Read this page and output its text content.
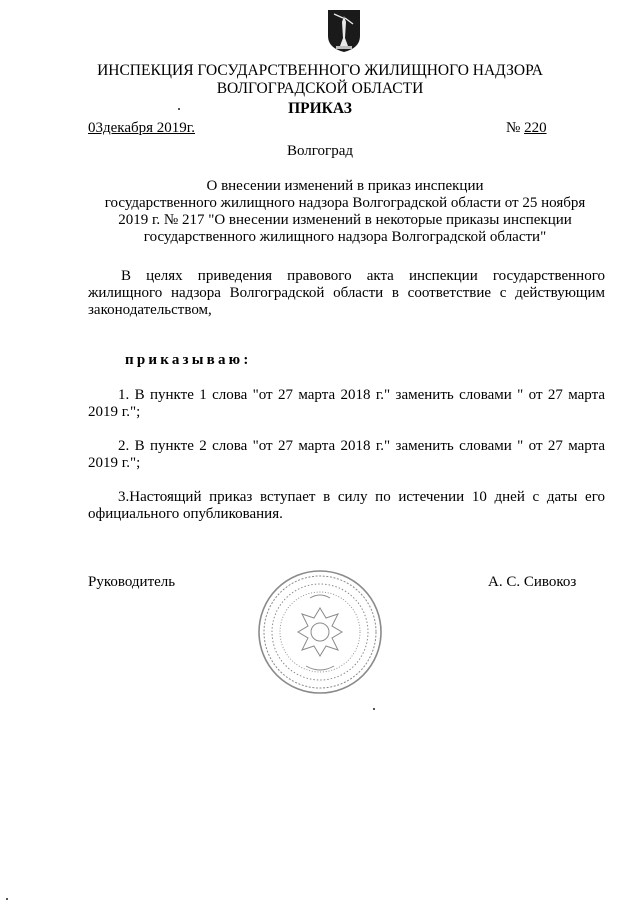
ИНСПЕКЦИЯ ГОСУДАРСТВЕННОГО ЖИЛИЩНОГО НАДЗОРА
ВОЛГОГРАДСКОЙ ОБЛАСТИ
ПРИКАЗ
03декабря 2019г.	№ 220
Волгоград
О внесении изменений в приказ инспекции
государственного жилищного надзора Волгоградской области от 25 ноября
2019 г. № 217 "О внесении изменений в некоторые приказы инспекции
государственного жилищного надзора Волгоградской области"
В целях приведения правового акта инспекции государственного жилищного надзора Волгоградской области в соответствие с действующим законодательством,
приказываю:
1. В пункте 1 слова "от 27 марта 2018 г." заменить словами " от 27 марта 2019 г.";
2. В пункте 2 слова "от 27 марта 2018 г." заменить словами " от 27 марта 2019 г.";
3.Настоящий приказ вступает в силу по истечении 10 дней с даты его официального опубликования.
Руководитель	А. С. Сивокоз
